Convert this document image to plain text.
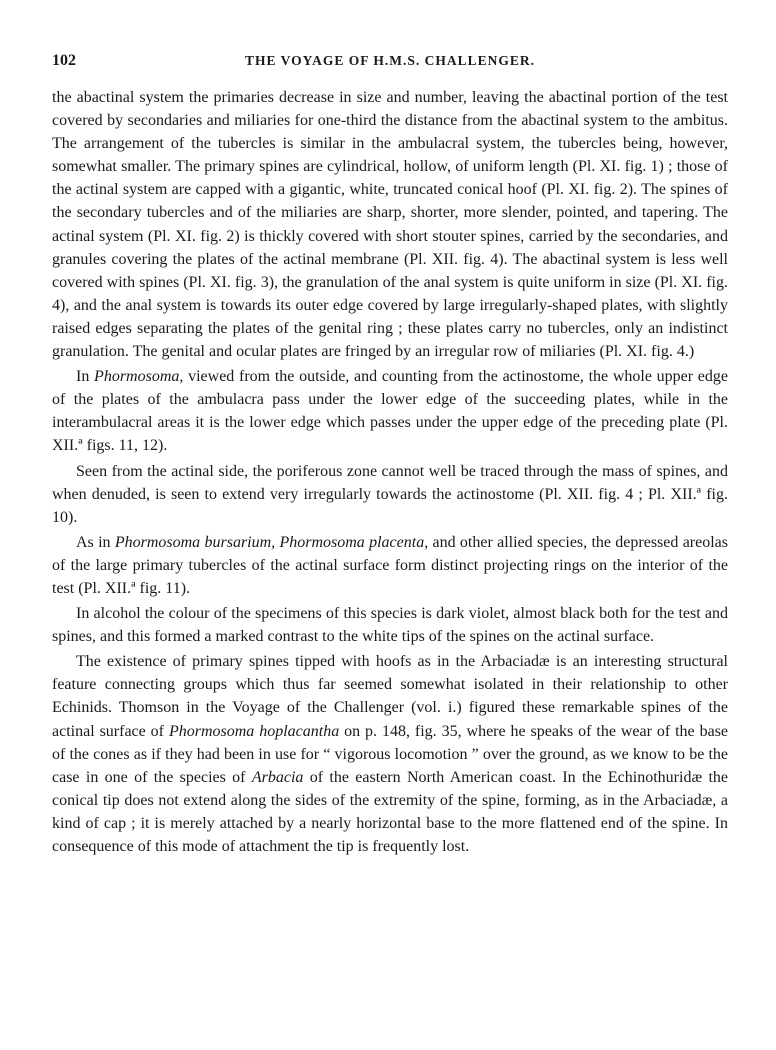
102	THE VOYAGE OF H.M.S. CHALLENGER.

the abactinal system the primaries decrease in size and number, leaving the abactinal portion of the test covered by secondaries and miliaries for one-third the distance from the abactinal system to the ambitus. The arrangement of the tubercles is similar in the ambulacral system, the tubercles being, however, somewhat smaller. The primary spines are cylindrical, hollow, of uniform length (Pl. XI. fig. 1) ; those of the actinal system are capped with a gigantic, white, truncated conical hoof (Pl. XI. fig. 2). The spines of the secondary tubercles and of the miliaries are sharp, shorter, more slender, pointed, and tapering. The actinal system (Pl. XI. fig. 2) is thickly covered with short stouter spines, carried by the secondaries, and granules covering the plates of the actinal membrane (Pl. XII. fig. 4). The abactinal system is less well covered with spines (Pl. XI. fig. 3), the granulation of the anal system is quite uniform in size (Pl. XI. fig. 4), and the anal system is towards its outer edge covered by large irregularly-shaped plates, with slightly raised edges separating the plates of the genital ring ; these plates carry no tubercles, only an indistinct granulation. The genital and ocular plates are fringed by an irregular row of miliaries (Pl. XI. fig. 4.)

In Phormosoma, viewed from the outside, and counting from the actinostome, the whole upper edge of the plates of the ambulacra pass under the lower edge of the succeeding plates, while in the interambulacral areas it is the lower edge which passes under the upper edge of the preceding plate (Pl. XII.ª figs. 11, 12).

Seen from the actinal side, the poriferous zone cannot well be traced through the mass of spines, and when denuded, is seen to extend very irregularly towards the actinostome (Pl. XII. fig. 4 ; Pl. XII.ª fig. 10).

As in Phormosoma bursarium, Phormosoma placenta, and other allied species, the depressed areolas of the large primary tubercles of the actinal surface form distinct projecting rings on the interior of the test (Pl. XII.ª fig. 11).

In alcohol the colour of the specimens of this species is dark violet, almost black both for the test and spines, and this formed a marked contrast to the white tips of the spines on the actinal surface.

The existence of primary spines tipped with hoofs as in the Arbaciadæ is an interesting structural feature connecting groups which thus far seemed somewhat isolated in their relationship to other Echinids. Thomson in the Voyage of the Challenger (vol. i.) figured these remarkable spines of the actinal surface of Phormosoma hoplacantha on p. 148, fig. 35, where he speaks of the wear of the base of the cones as if they had been in use for “ vigorous locomotion ” over the ground, as we know to be the case in one of the species of Arbacia of the eastern North American coast. In the Echinothuridæ the conical tip does not extend along the sides of the extremity of the spine, forming, as in the Arbaciadæ, a kind of cap ; it is merely attached by a nearly horizontal base to the more flattened end of the spine. In consequence of this mode of attachment the tip is frequently lost.
